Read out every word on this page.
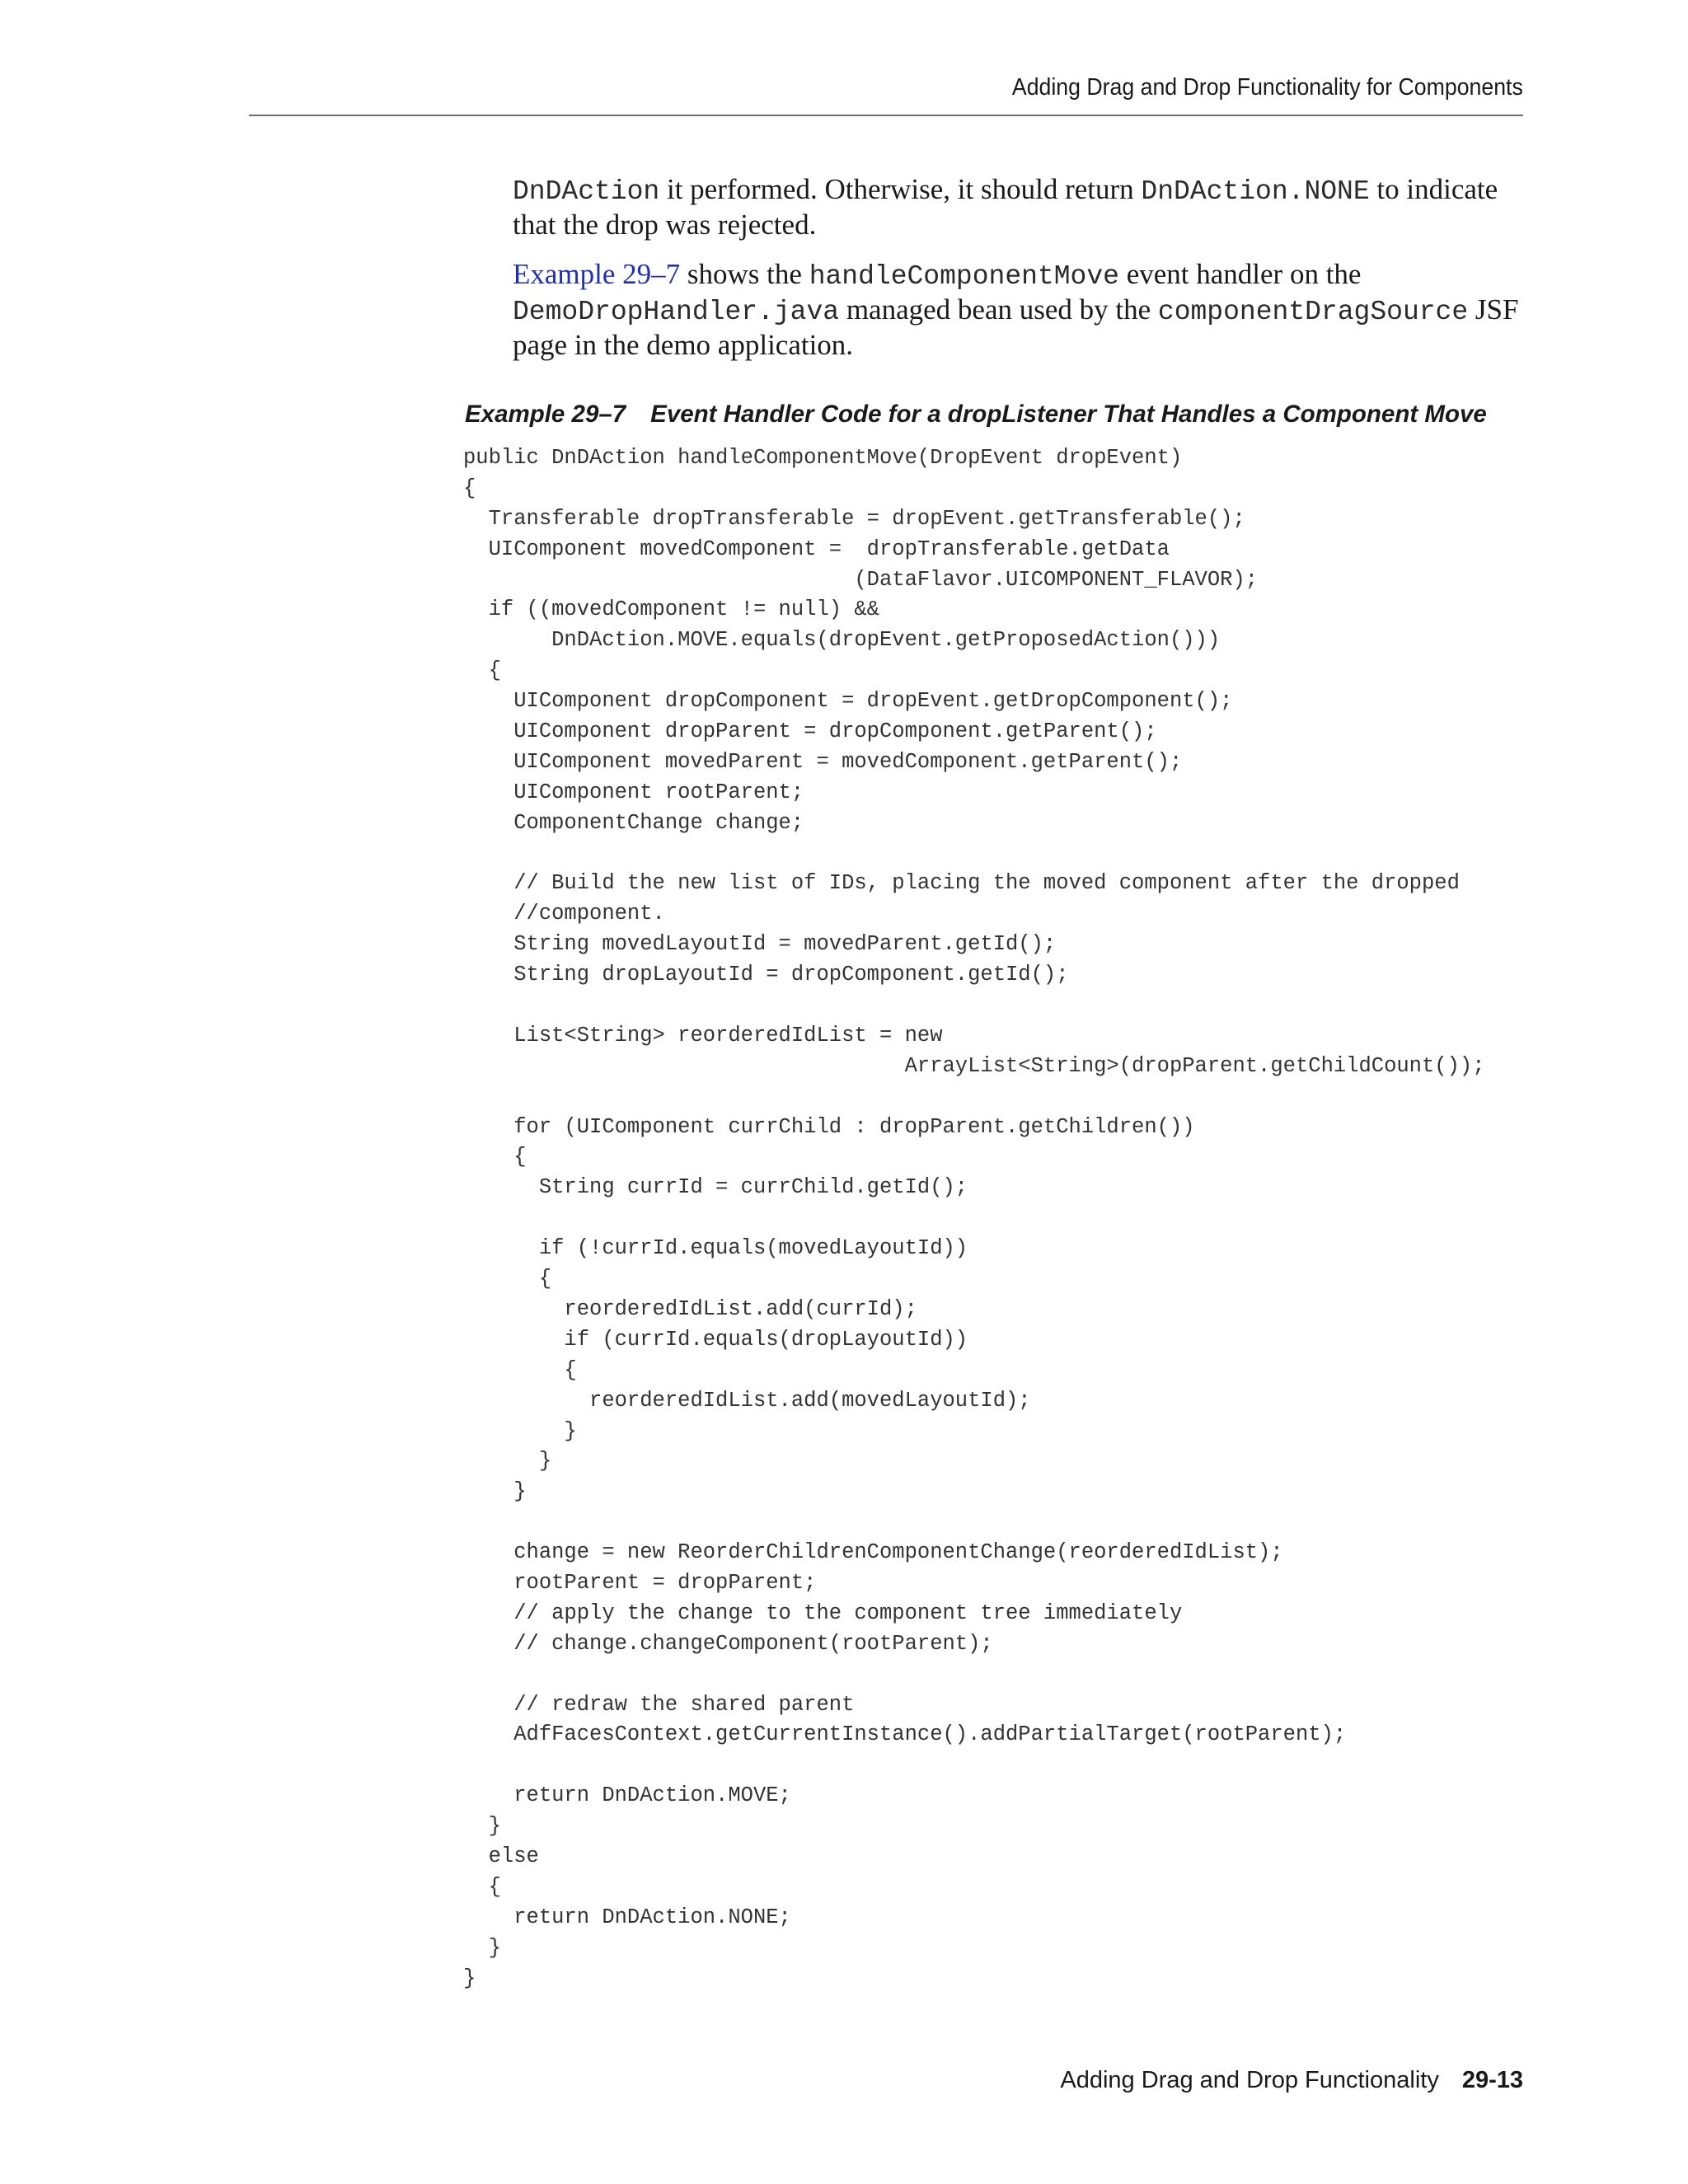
Adding Drag and Drop Functionality for Components

DnDAction it performed. Otherwise, it should return DnDAction.NONE to indicate that the drop was rejected.

Example 29–7 shows the handleComponentMove event handler on the DemoDropHandler.java managed bean used by the componentDragSource JSF page in the demo application.

Example 29–7 Event Handler Code for a dropListener That Handles a Component Move
public DnDAction handleComponentMove(DropEvent dropEvent)
{
Transferable dropTransferable = dropEvent.getTransferable();
UIComponent movedComponent =  dropTransferable.getData
(DataFlavor.UICOMPONENT_FLAVOR);
if ((movedComponent != null) &&
DnDAction.MOVE.equals(dropEvent.getProposedAction()))
{
UIComponent dropComponent = dropEvent.getDropComponent();
UIComponent dropParent = dropComponent.getParent();
UIComponent movedParent = movedComponent.getParent();
UIComponent rootParent;
ComponentChange change;
// Build the new list of IDs, placing the moved component after the dropped
//component.
String movedLayoutId = movedParent.getId();
String dropLayoutId = dropComponent.getId();
List<String> reorderedIdList = new
ArrayList<String>(dropParent.getChildCount());
for (UIComponent currChild : dropParent.getChildren())
{
String currId = currChild.getId();
if (!currId.equals(movedLayoutId))
{
reorderedIdList.add(currId);
if (currId.equals(dropLayoutId))
{
reorderedIdList.add(movedLayoutId);
}
}
}
change = new ReorderChildrenComponentChange(reorderedIdList);
rootParent = dropParent;
// apply the change to the component tree immediately
// change.changeComponent(rootParent);
// redraw the shared parent
AdfFacesContext.getCurrentInstance().addPartialTarget(rootParent);
return DnDAction.MOVE;
}
else
{
return DnDAction.NONE;
}
}
Adding Drag and Drop Functionality 29-13
